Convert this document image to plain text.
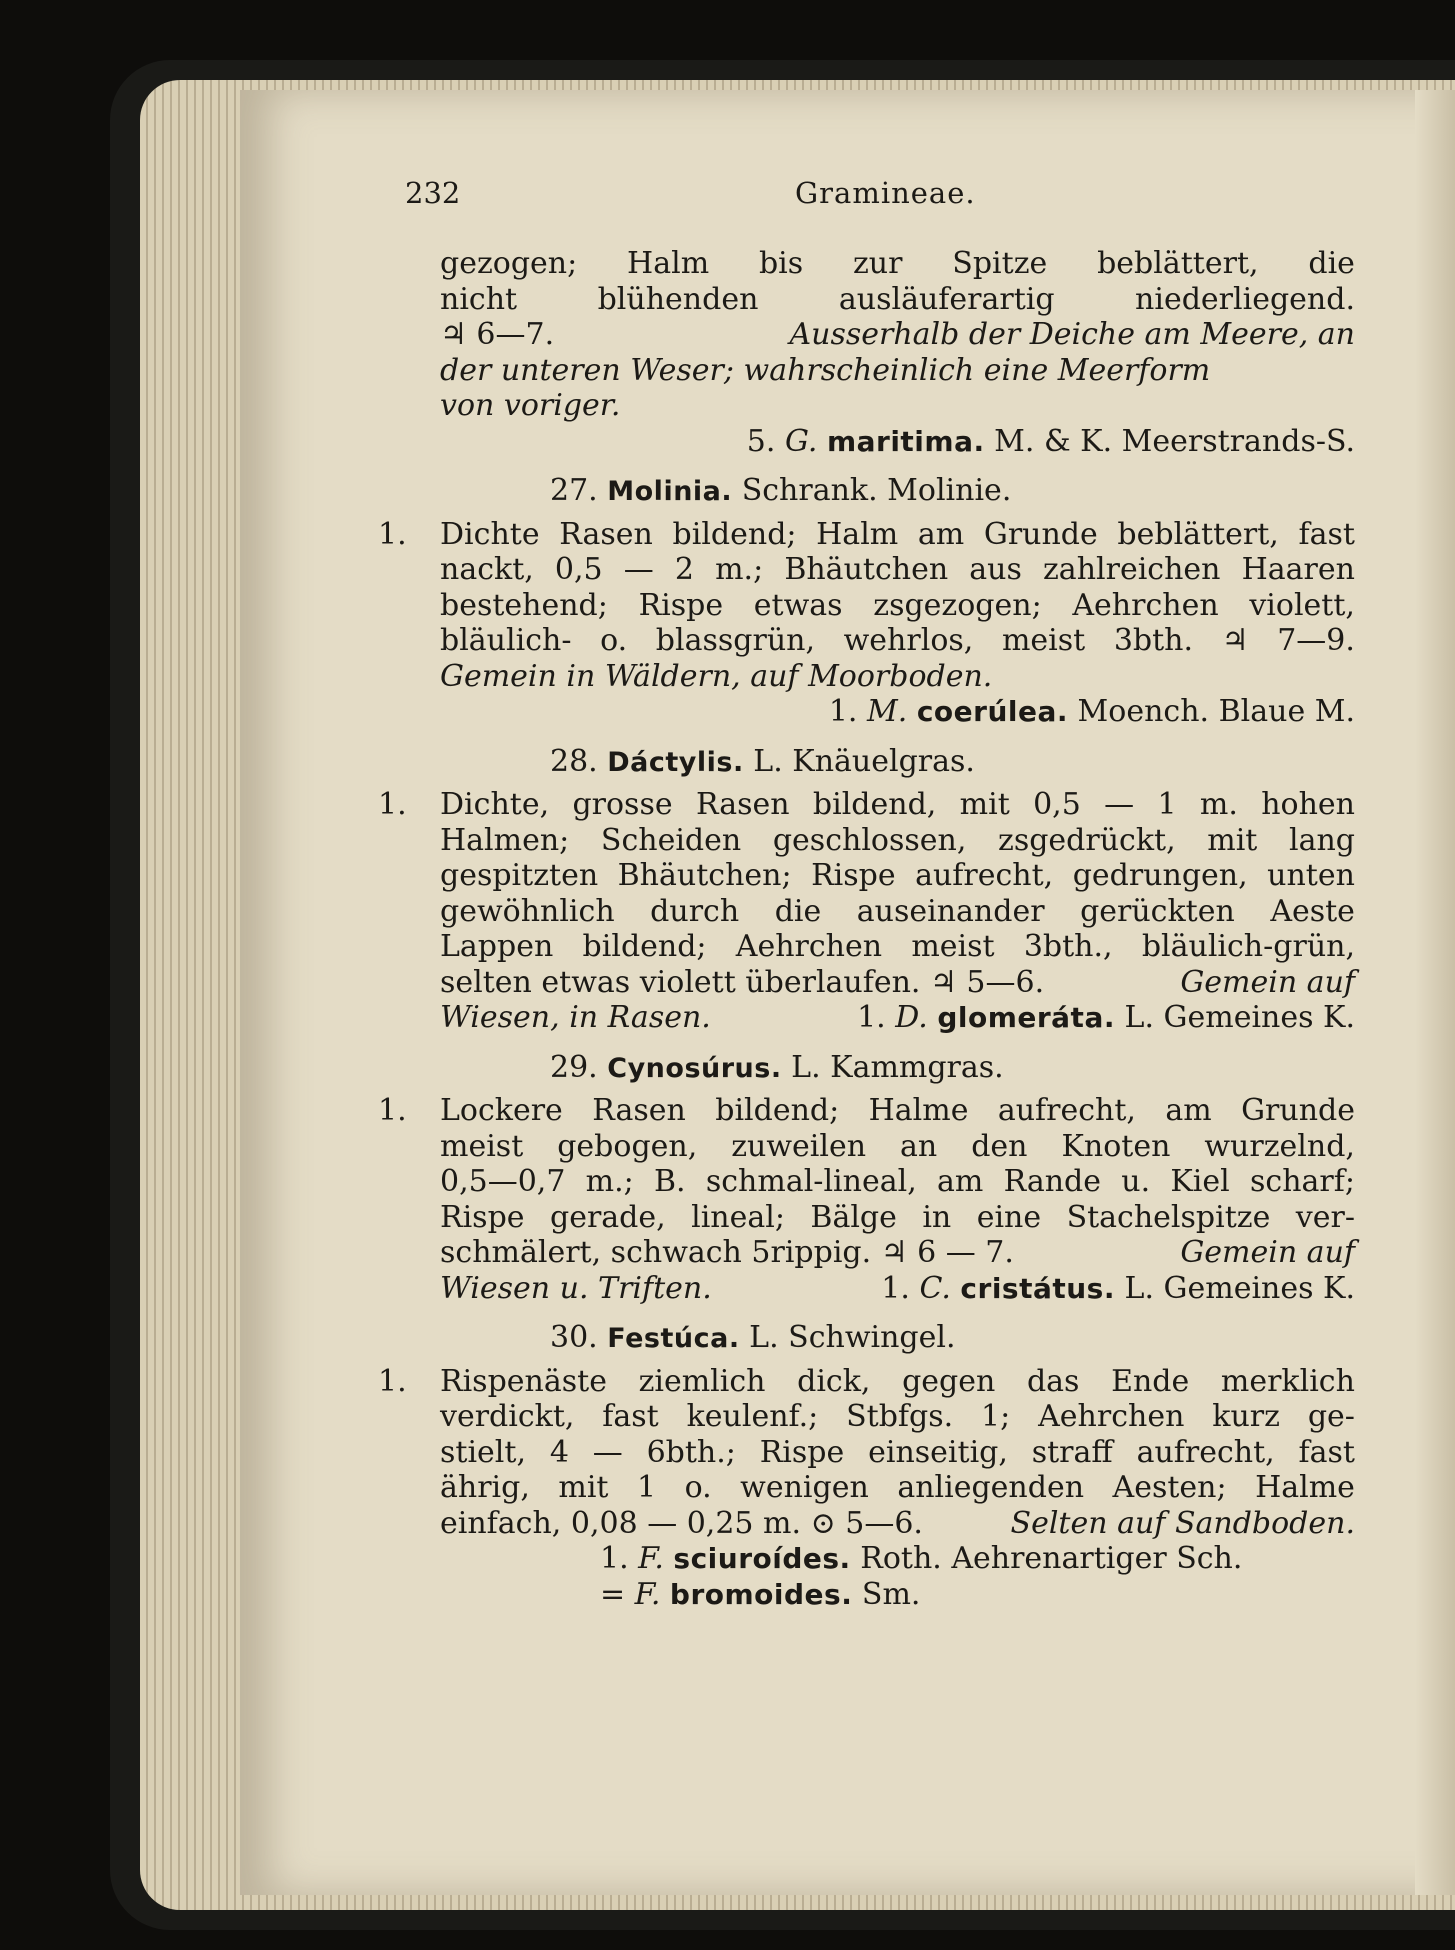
232	Gramineae.
gezogen; Halm bis zur Spitze beblättert, die
nicht	blühenden	ausläuferartig	niederliegend.
♃ 6—7.	Ausserhalb der Deiche am Meere, an
der unteren Weser; wahrscheinlich eine Meerform
von voriger.
5.
G.
maritima.
M. & K. Meerstrands-S.
27. Molinia. Schrank. Molinie.
1. Dichte Rasen bildend; Halm am Grunde beblättert, fast
nackt, 0,5 — 2 m.; Bhäutchen aus zahlreichen Haaren
bestehend; Rispe etwas zsgezogen; Aehrchen violett,
bläulich- o. blassgrün, wehrlos, meist 3bth. ♃ 7—9.
Gemein in Wäldern, auf Moorboden.
1.
M.
coerúlea.
Moench. Blaue M.
28. Dáctylis. L. Knäuelgras.
1. Dichte, grosse Rasen bildend, mit 0,5 — 1 m. hohen
Halmen; Scheiden geschlossen, zsgedrückt, mit lang
gespitzten Bhäutchen; Rispe aufrecht, gedrungen, unten
gewöhnlich durch die auseinander gerückten Aeste
Lappen bildend; Aehrchen meist 3bth., bläulich-grün,
selten etwas violett überlaufen. ♃ 5—6.	Gemein auf
Wiesen, in Rasen.	1. D. glomeráta. L. Gemeines K.
29. Cynosúrus. L. Kammgras.
1. Lockere Rasen bildend; Halme aufrecht, am Grunde
meist gebogen, zuweilen an den Knoten wurzelnd,
0,5—0,7 m.; B. schmal-lineal, am Rande u. Kiel scharf;
Rispe gerade, lineal; Bälge in eine Stachelspitze ver-
schmälert, schwach 5rippig. ♃ 6 — 7.	Gemein auf
Wiesen u. Triften.	1. C. cristátus. L. Gemeines K.
30. Festúca. L. Schwingel.
1. Rispenäste ziemlich dick, gegen das Ende merklich
verdickt, fast keulenf.; Stbfgs. 1; Aehrchen kurz ge-
stielt, 4 — 6bth.; Rispe einseitig, straff aufrecht, fast
ährig, mit 1 o. wenigen anliegenden Aesten; Halme
einfach, 0,08 — 0,25 m. ⊙ 5—6.	Selten auf Sandboden.
1.
F.
sciuroídes.
Roth. Aehrenartiger Sch.
= F.
bromoides.
Sm.
